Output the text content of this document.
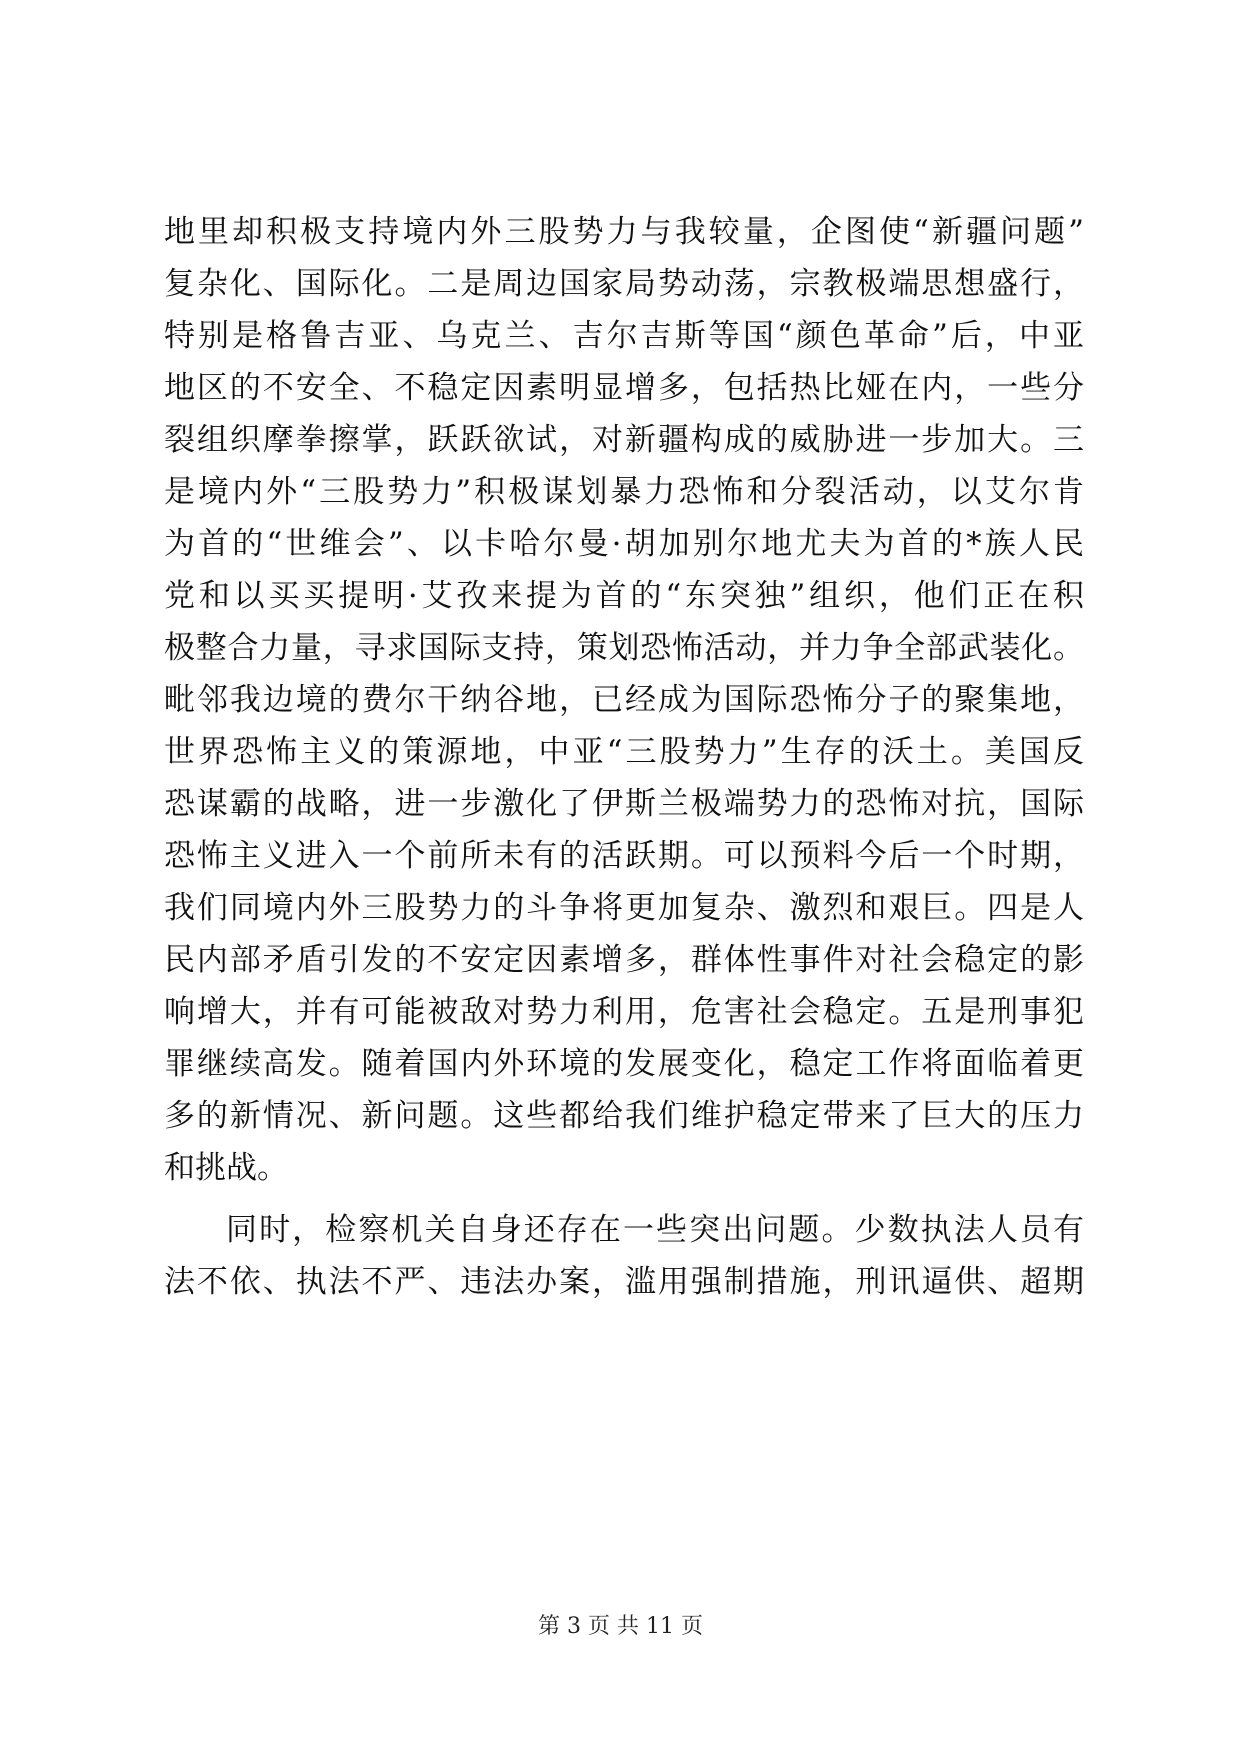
地里却积极支持境内外三股势力与我较量，企图使“新疆问题”
复杂化、国际化。二是周边国家局势动荡，宗教极端思想盛行，
特别是格鲁吉亚、乌克兰、吉尔吉斯等国“颜色革命”后，中亚
地区的不安全、不稳定因素明显增多，包括热比娅在内，一些分
裂组织摩拳擦掌，跃跃欲试，对新疆构成的威胁进一步加大。三
是境内外“三股势力”积极谋划暴力恐怖和分裂活动，以艾尔肯
为首的“世维会”、以卡哈尔曼·胡加别尔地尤夫为首的*族人民
党和以买买提明·艾孜来提为首的“东突独”组织，他们正在积
极整合力量，寻求国际支持，策划恐怖活动，并力争全部武装化。
毗邻我边境的费尔干纳谷地，已经成为国际恐怖分子的聚集地，
世界恐怖主义的策源地，中亚“三股势力”生存的沃土。美国反
恐谋霸的战略，进一步激化了伊斯兰极端势力的恐怖对抗，国际
恐怖主义进入一个前所未有的活跃期。可以预料今后一个时期，
我们同境内外三股势力的斗争将更加复杂、激烈和艰巨。四是人
民内部矛盾引发的不安定因素增多，群体性事件对社会稳定的影
响增大，并有可能被敌对势力利用，危害社会稳定。五是刑事犯
罪继续高发。随着国内外环境的发展变化，稳定工作将面临着更
多的新情况、新问题。这些都给我们维护稳定带来了巨大的压力
和挑战。
同时，检察机关自身还存在一些突出问题。少数执法人员有
法不依、执法不严、违法办案，滥用强制措施，刑讯逼供、超期
第 3 页 共 11 页
